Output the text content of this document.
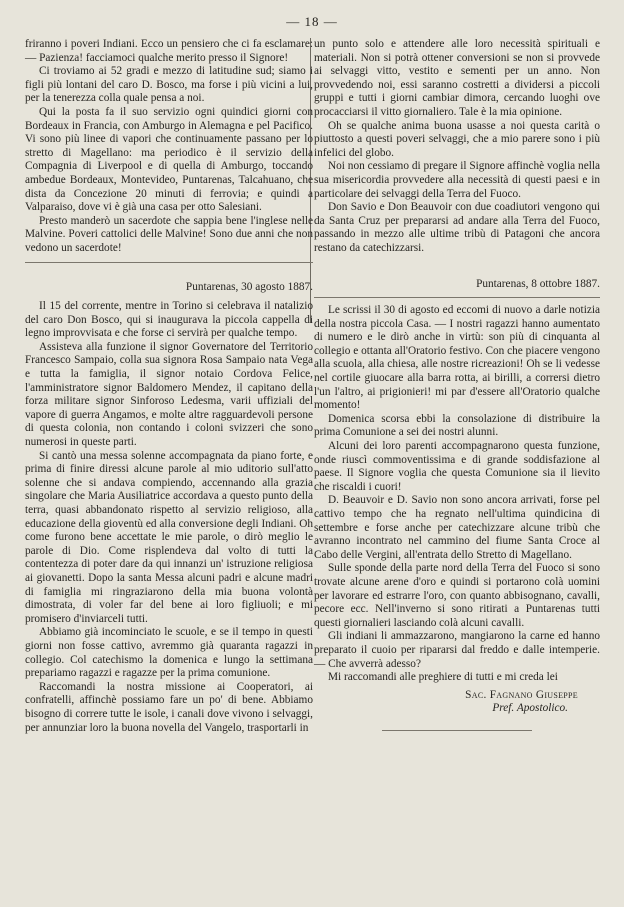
— 18 —

friranno i poveri Indiani. Ecco un pensiero che ci fa esclamare: — Pazienza! facciamoci qualche merito presso il Signore!

Ci troviamo ai 52 gradi e mezzo di latitudine sud; siamo i figli più lontani del caro D. Bosco, ma forse i più vicini a lui, per la tenerezza colla quale pensa a noi.

Qui la posta fa il suo servizio ogni quindici giorni con Bordeaux in Francia, con Amburgo in Alemagna e pel Pacifico. Vi sono più linee di vapori che continuamente passano per lo stretto di Magellano: ma periodico è il servizio della Compagnia di Liverpool e di quella di Amburgo, toccando ambedue Bordeaux, Montevideo, Puntarenas, Talcahuano, che dista da Concezione 20 minuti di ferrovia; e quindi a Valparaiso, dove vi è già una casa per otto Salesiani.

Presto manderò un sacerdote che sappia bene l'inglese nelle Malvine. Poveri cattolici delle Malvine! Sono due anni che non vedono un sacerdote!

Puntarenas, 30 agosto 1887.

Il 15 del corrente, mentre in Torino si celebrava il natalizio del caro Don Bosco, qui si inaugurava la piccola cappella di legno improvvisata e che forse ci servirà per qualche tempo.

Assisteva alla funzione il signor Governatore del Territorio Francesco Sampaio, colla sua signora Rosa Sampaio nata Vega e tutta la famiglia, il signor notaio Cordova Felice, l'amministratore signor Baldomero Mendez, il capitano della forza militare signor Sinforoso Ledesma, varii uffiziali del vapore di guerra Angamos, e molte altre ragguardevoli persone di questa colonia, non contando i coloni svizzeri che sono numerosi in queste parti.

Si cantò una messa solenne accompagnata da piano forte, e prima di finire diressi alcune parole al mio uditorio sull'atto solenne che si andava compiendo, accennando alla grazia singolare che Maria Ausiliatrice accordava a questo punto della terra, quasi abbandonato rispetto al servizio religioso, alla educazione della gioventù ed alla conversione degli Indiani. Oh come furono bene accettate le mie parole, o dirò meglio le parole di Dio. Come risplendeva dal volto di tutti la contentezza di poter dare da qui innanzi un' istruzione religiosa ai giovanetti. Dopo la santa Messa alcuni padri e alcune madri di famiglia mi ringraziarono della mia buona volontà dimostrata, di voler far del bene ai loro figliuoli; e mi promisero d'inviarceli tutti.

Abbiamo già incominciato le scuole, e se il tempo in questi giorni non fosse cattivo, avremmo già quaranta ragazzi in collegio. Col catechismo la domenica e lungo la settimana prepariamo ragazzi e ragazze per la prima comunione.

Raccomandi la nostra missione ai Cooperatori, ai confratelli, affinchè possiamo fare un po' di bene. Abbiamo bisogno di correre tutte le isole, i canali dove vivono i selvaggi, per annunziar loro la buona novella del Vangelo, trasportarli in

un punto solo e attendere alle loro necessità spirituali e materiali. Non si potrà ottener conversioni se non si provvede ai selvaggi vitto, vestito e sementi per un anno. Non provvedendo noi, essi saranno costretti a dividersi a piccoli gruppi e tutti i giorni cambiar dimora, cercando luoghi ove procacciarsi il vitto giornaliero. Tale è la mia opinione.

Oh se qualche anima buona usasse a noi questa carità o piuttosto a questi poveri selvaggi, che a mio parere sono i più infelici del globo.

Noi non cessiamo di pregare il Signore affinchè voglia nella sua misericordia provvedere alla necessità di questi paesi e in particolare dei selvaggi della Terra del Fuoco.

Don Savio e Don Beauvoir con due coadiutori vengono qui da Santa Cruz per prepararsi ad andare alla Terra del Fuoco, passando in mezzo alle ultime tribù di Patagoni che ancora restano da catechizzarsi.

Puntarenas, 8 ottobre 1887.

Le scrissi il 30 di agosto ed eccomi di nuovo a darle notizia della nostra piccola Casa. — I nostri ragazzi hanno aumentato di numero e le dirò anche in virtù: son più di cinquanta al collegio e ottanta all'Oratorio festivo. Con che piacere vengono alla scuola, alla chiesa, alle nostre ricreazioni! Oh se li vedesse nel cortile giuocare alla barra rotta, ai birilli, a corrersi dietro l'un l'altro, ai prigionieri! mi par d'essere all'Oratorio qualche momento!

Domenica scorsa ebbi la consolazione di distribuire la prima Comunione a sei dei nostri alunni.

Alcuni dei loro parenti accompagnarono questa funzione, onde riuscì commoventissima e di grande soddisfazione al paese. Il Signore voglia che questa Comunione sia il lievito che riscaldi i cuori!

D. Beauvoir e D. Savio non sono ancora arrivati, forse pel cattivo tempo che ha regnato nell'ultima quindicina di settembre e forse anche per catechizzare alcune tribù che avranno incontrato nel cammino del fiume Santa Croce al Cabo delle Vergini, all'entrata dello Stretto di Magellano.

Sulle sponde della parte nord della Terra del Fuoco si sono trovate alcune arene d'oro e quindi si portarono colà uomini per lavorare ed estrarre l'oro, con quanto abbisognano, cavalli, pecore ecc. Nell'inverno si sono ritirati a Puntarenas tutti questi giornalieri lasciando colà alcuni cavalli.

Gli indiani li ammazzarono, mangiarono la carne ed hanno preparato il cuoio per ripararsi dal freddo e dalle intemperie. — Che avverrà adesso?

Mi raccomandi alle preghiere di tutti e mi creda lei

Sac. Fagnano Giuseppe

Pref. Apostolico.
